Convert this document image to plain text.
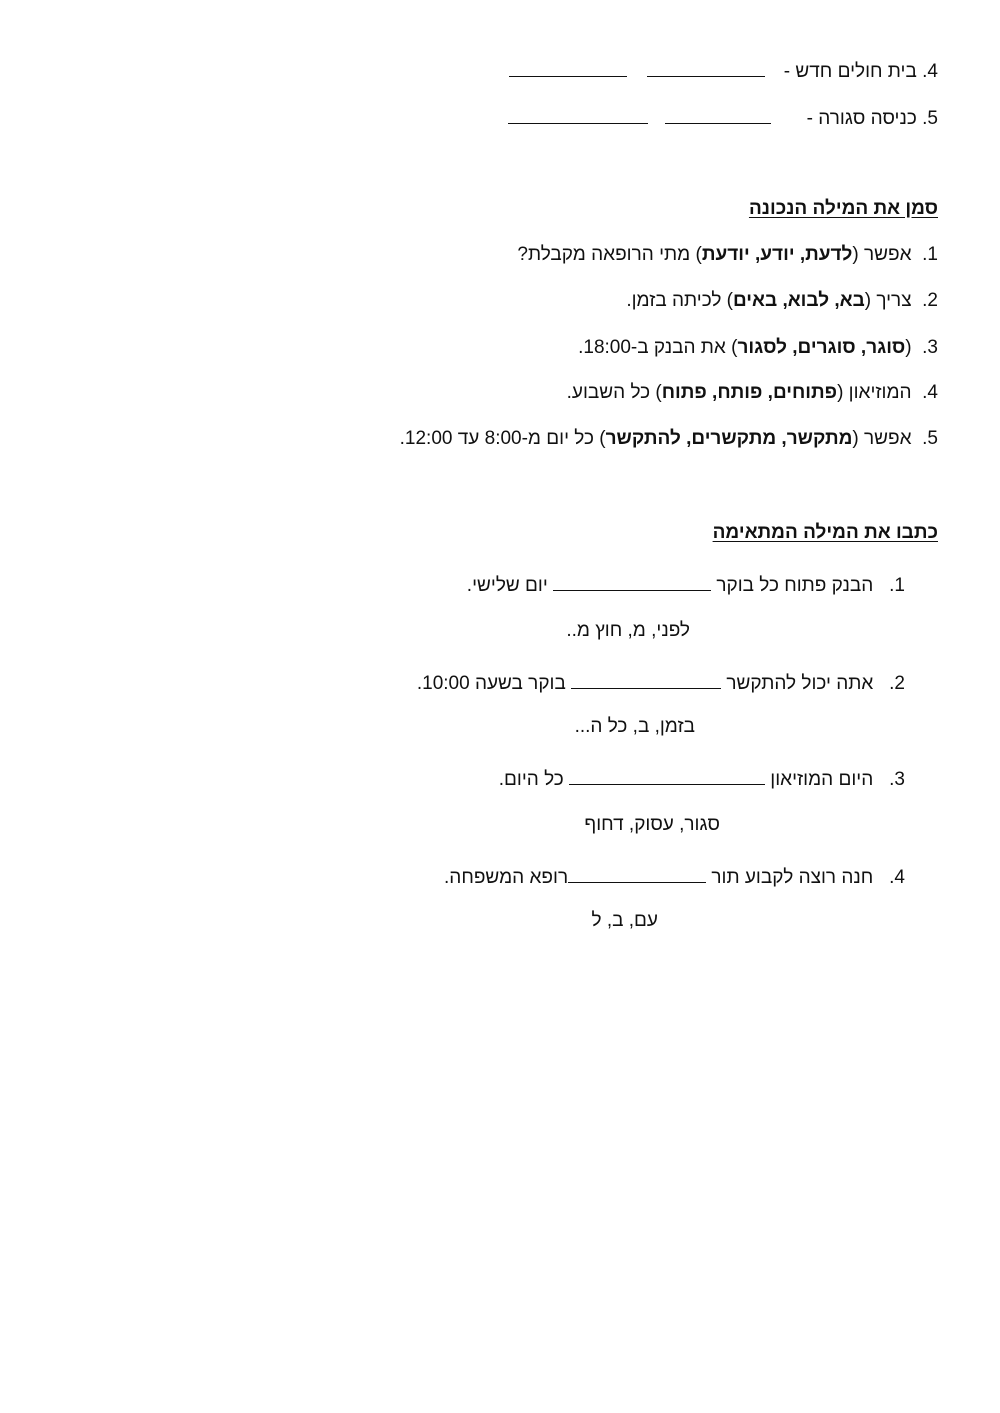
4. בית חולים חדש -
5. כניסה סגורה -
סמן את המילה הנכונה
1.  אפשר (לדעת, יודע, יודעת) מתי הרופאה מקבלת?
2.  צריך (בא, לבוא, באים) לכיתה בזמן.
3.  (סוגר, סוגרים, לסגור) את הבנק ב-18:00.
4.  המוזיאון (פתוחים, פותח, פתוח) כל השבוע.
5.  אפשר (מתקשר, מתקשרים, להתקשר) כל יום מ-8:00 עד 12:00.
כתבו את המילה המתאימה
1.   הבנק פתוח כל בוקר  יום שלישי.
לפני, מ, חוץ מ..
2.   אתה יכול להתקשר  בוקר בשעה 10:00.
בזמן, ב, כל ה...
3.   היום המוזיאון  כל היום.
סגור, עסוק, דחוף
4.   חנה רוצה לקבוע תור רופא המשפחה.
עם, ב, ל
